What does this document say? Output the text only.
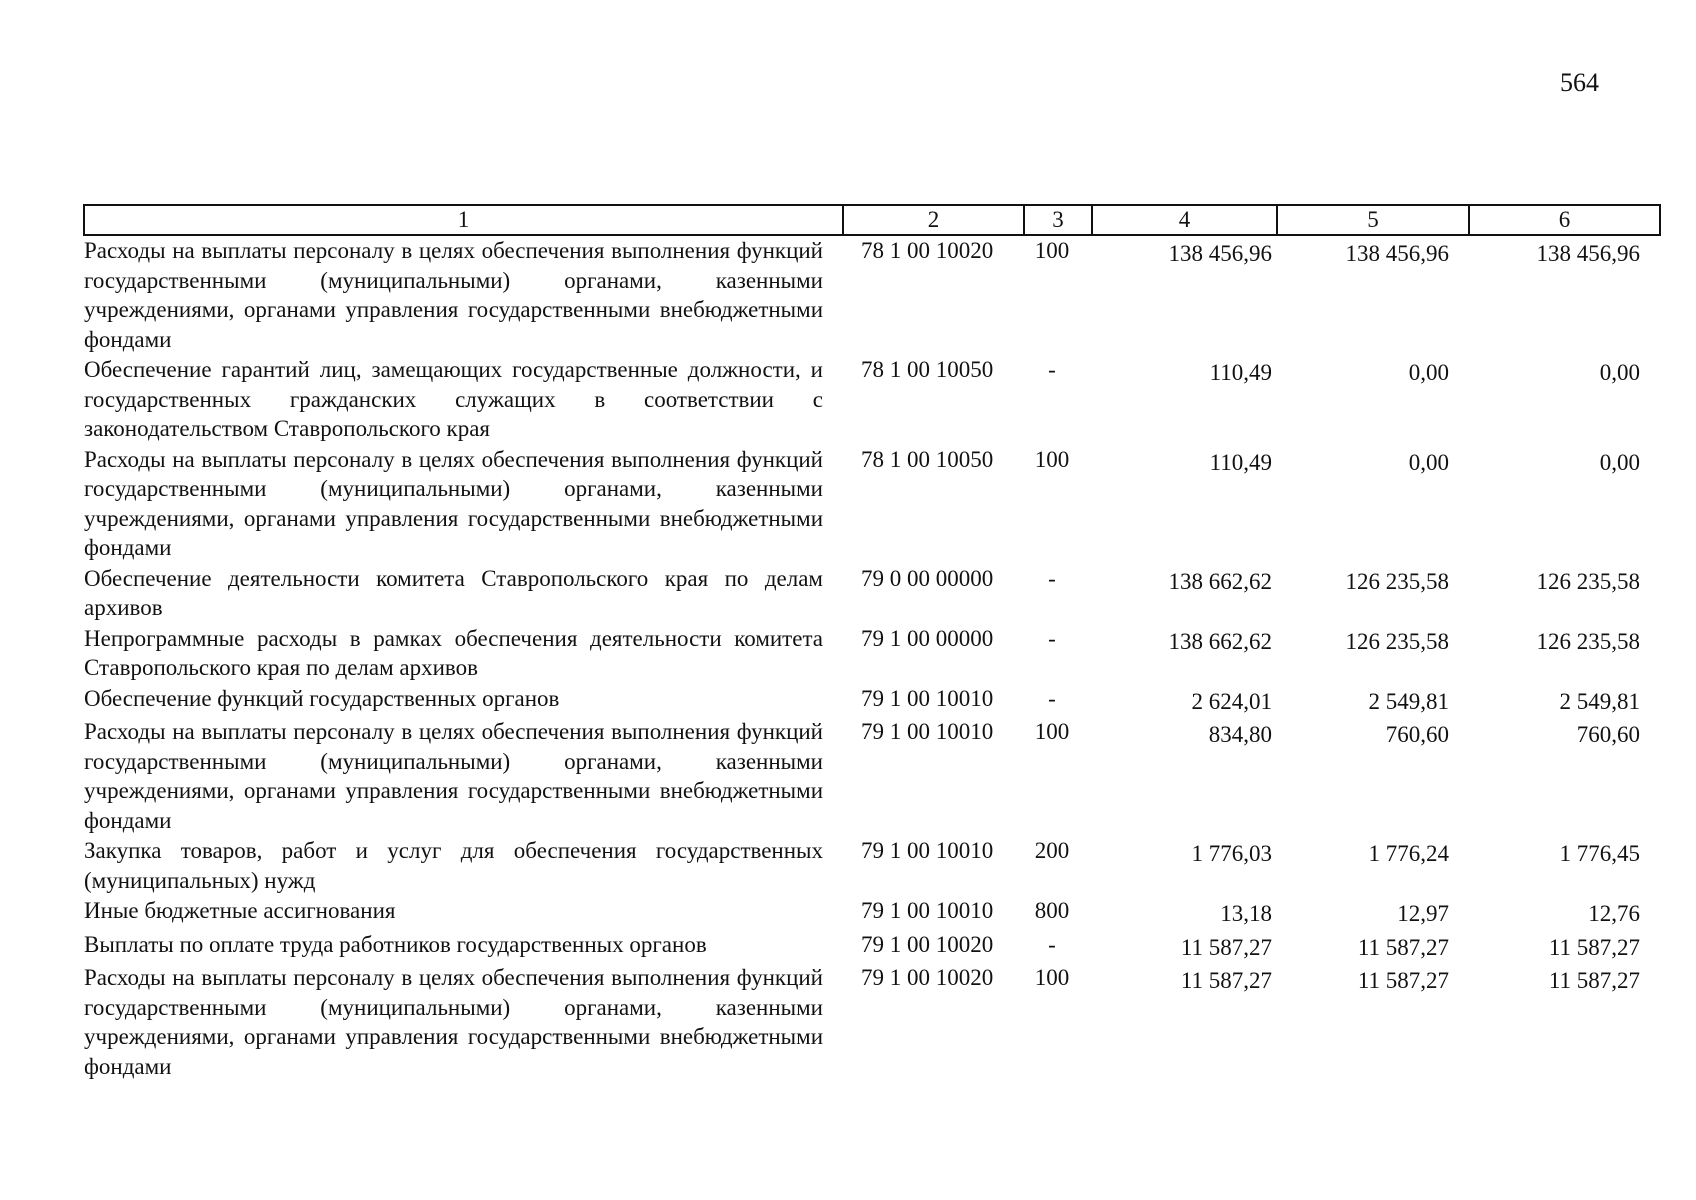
564
1	2	3	4	5	6
Расходы на выплаты персоналу в целях обеспечения выполнения функций государственными (муниципальными) органами, казенными учреждениями, органами управления государственными внебюджетными фондами	78 1 00 10020	100	138 456,96	138 456,96	138 456,96
Обеспечение гарантий лиц, замещающих государственные должности, и государственных гражданских служащих в соответствии с законодательством Ставропольского края	78 1 00 10050	-	110,49	0,00	0,00
Расходы на выплаты персоналу в целях обеспечения выполнения функций государственными (муниципальными) органами, казенными учреждениями, органами управления государственными внебюджетными фондами	78 1 00 10050	100	110,49	0,00	0,00
Обеспечение деятельности комитета Ставропольского края по делам архивов	79 0 00 00000	-	138 662,62	126 235,58	126 235,58
Непрограммные расходы в рамках обеспечения деятельности комитета Ставропольского края по делам архивов	79 1 00 00000	-	138 662,62	126 235,58	126 235,58
Обеспечение функций государственных органов	79 1 00 10010	-	2 624,01	2 549,81	2 549,81
Расходы на выплаты персоналу в целях обеспечения выполнения функций государственными (муниципальными) органами, казенными учреждениями, органами управления государственными внебюджетными фондами	79 1 00 10010	100	834,80	760,60	760,60
Закупка товаров, работ и услуг для обеспечения государственных (муниципальных) нужд	79 1 00 10010	200	1 776,03	1 776,24	1 776,45
Иные бюджетные ассигнования	79 1 00 10010	800	13,18	12,97	12,76
Выплаты по оплате труда работников государственных органов	79 1 00 10020	-	11 587,27	11 587,27	11 587,27
Расходы на выплаты персоналу в целях обеспечения выполнения функций государственными (муниципальными) органами, казенными учреждениями, органами управления государственными внебюджетными фондами	79 1 00 10020	100	11 587,27	11 587,27	11 587,27
